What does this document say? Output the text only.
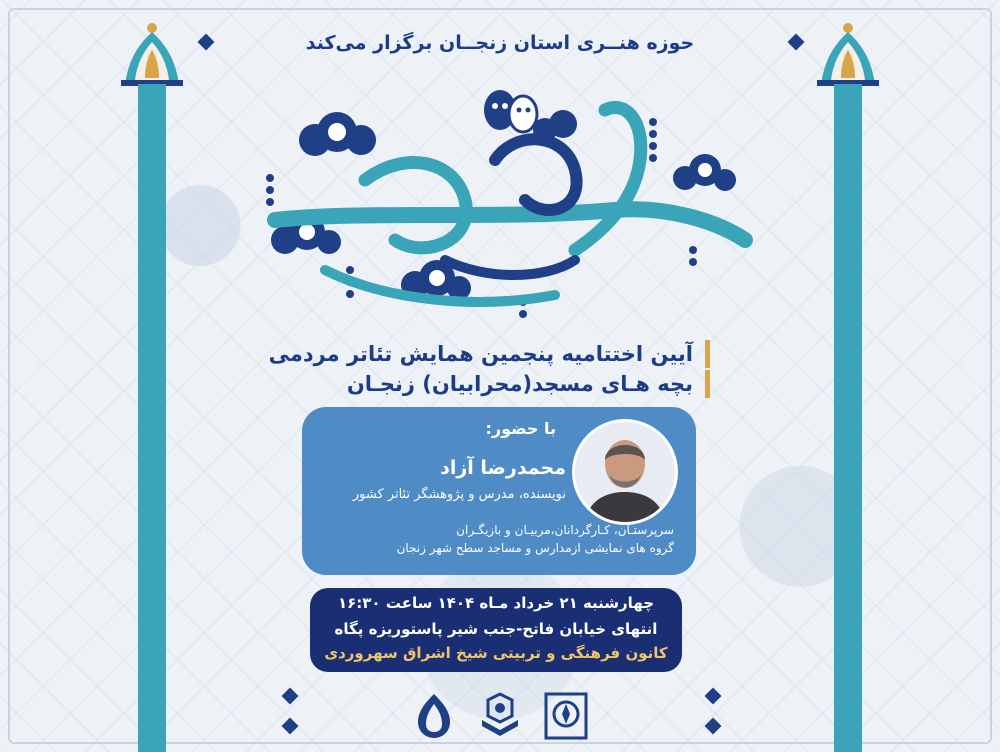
حوزه هنــری استان زنجــان برگزار می‌کند
آیین اختتامیه پنجمین همایش تئاتر مردمی
بچه هـای مسجد(محرابیان) زنجـان
با حضور:
محمدرضا آزاد
نویسنده، مدرس و پژوهشگر تئاتر کشور
سرپرستـان، کـارگردانان،مربیـان و بازیگـران
گروه های نمایشی ازمدارس و مساجد سطح شهر زنجان
چهارشنبه ۲۱ خرداد مـاه ۱۴۰۴ ساعت ۱۶:۳۰
انتهای خیابان فاتح-جنب شیر پاستوریزه پگاه
کانون فرهنگی و تربیتی شیخ اشراق سهروردی
